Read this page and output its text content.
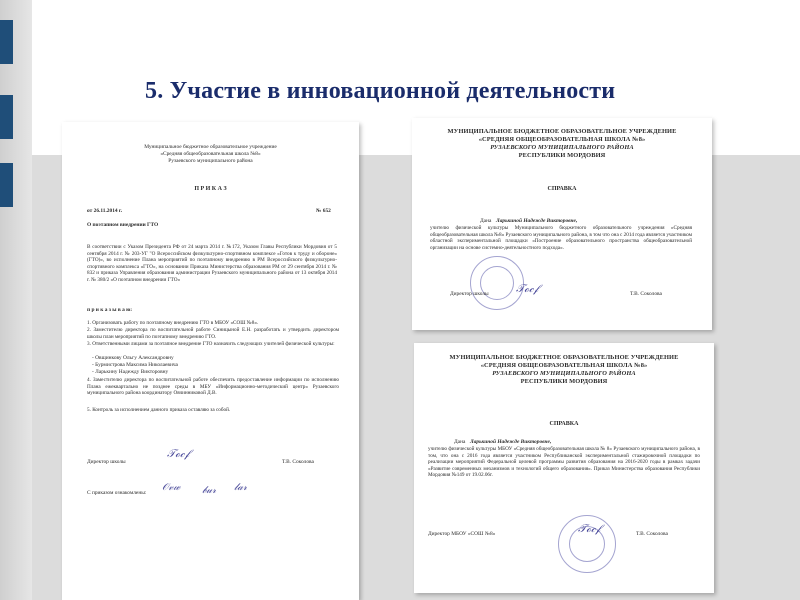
5. Участие в инновационной деятельности
Муниципальное бюджетное образовательное учреждение
«Средняя общеобразовательная школа №8»
Рузаевского муниципального района
П Р И К А З
от 26.11.2014 г.	№ 652
О поэтапном внедрении ГТО
В соответствии с Указом Президента РФ от 24 марта 2014 г. №172, Указом Главы Республики Мордовия от 5 сентября 2014 г. № 203-УГ "О Всероссийском физкультурно-спортивном комплексе «Готов к труду и обороне» (ГТО)», во исполнение Плана мероприятий по поэтапному внедрению в РМ Всероссийского физкультурно-спортивного комплекса «ГТО», на основании Приказа Министерства образования РМ от 29 сентября 2014 г. № 832 и приказа Управления образования администрации Рузаевского муниципального района от 13 октября 2014 г. № 380/2 «О поэтапном внедрении ГТО»
п р и к а з ы в а ю:
1. Организовать работу по поэтапному внедрению ГТО в МБОУ «СОШ №8».
2. Заместителю директора по воспитательной работе Синицыной Е.Н. разработать и утвердить директором школы план мероприятий по поэтапному внедрению ГТО.
3. Ответственными лицами за поэтапное внедрение ГТО назначить следующих учителей физической культуры:
- Овщинкову Ольгу Александровну
- Бурмистрова Максима Николаевича
- Ларькину Надежду Викторовну
4. Заместителю директора по воспитательной работе обеспечить предоставление информации по исполнению Плана ежеквартально не позднее среды в МБУ «Информационно-методический центр» Рузаевского муниципального района координатору Овчинниковой Д.В.
5. Контроль за исполнением данного приказа оставляю за собой.
Директор школы
𝒯ℴ𝒸𝒻
Т.В. Соколова
С приказом ознакомлены: 𝒪𝓋𝓌 𝒷𝓊𝓇 𝓁𝒶𝓇
МУНИЦИПАЛЬНОЕ БЮДЖЕТНОЕ ОБРАЗОВАТЕЛЬНОЕ УЧРЕЖДЕНИЕ
«СРЕДНЯЯ ОБЩЕОБРАЗОВАТЕЛЬНАЯ ШКОЛА №8»
РУЗАЕВСКОГО МУНИЦИПАЛЬНОГО РАЙОНА
РЕСПУБЛИКИ МОРДОВИЯ
СПРАВКА
Дана Ларькиной Надежде Викторовне,
учителю физической культуры Муниципального бюджетного образовательного учреждения «Средняя общеобразовательная школа №8» Рузаевского муниципального района, в том что она с 2014 года является участником областной экспериментальной площадки «Построение образовательного пространства общеобразовательной организации на основе системно-деятельностного подхода».
Директор школы 𝒯ℴ𝒸𝒻	Т.В. Соколова
МУНИЦИПАЛЬНОЕ БЮДЖЕТНОЕ ОБРАЗОВАТЕЛЬНОЕ УЧРЕЖДЕНИЕ
«СРЕДНЯЯ ОБЩЕОБРАЗОВАТЕЛЬНАЯ ШКОЛА №8»
РУЗАЕВСКОГО МУНИЦИПАЛЬНОГО РАЙОНА
РЕСПУБЛИКИ МОРДОВИЯ
СПРАВКА
Дана Ларькиной Надежде Викторовне,
учителю физической культуры МБОУ «Средняя общеобразовательная школа № 8» Рузаевского муниципального района, в том, что она с 2016 года является участником Республиканской экспериментальной стажировочной площадки по реализации мероприятий Федеральной целевой программы развития образования на 2016-2020 годы в рамках задачи «Развитие современных механизмов и технологий общего образования». Приказ Министерства образования Республики Мордовия №149 от 19.02.06г.
Директор МБОУ «СОШ №8»	𝒯ℴ𝒸𝒻	Т.В. Соколова
